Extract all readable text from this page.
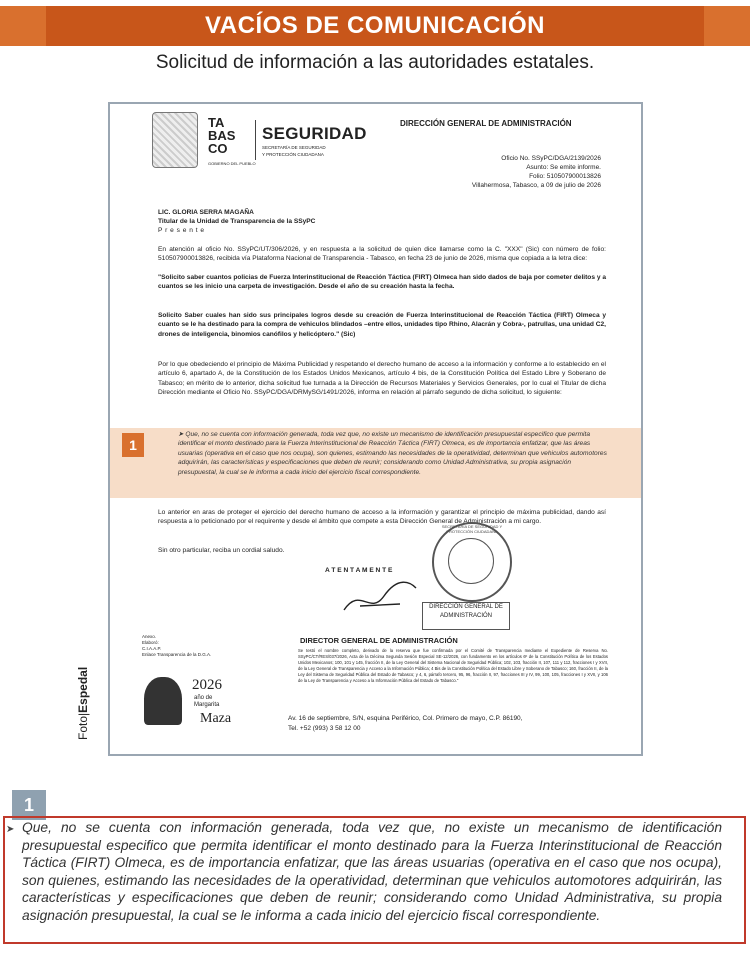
VACÍOS DE COMUNICACIÓN
Solicitud de información a las autoridades estatales.
TA
BAS
CO
GOBIERNO DEL PUEBLO
SEGURIDAD
SECRETARÍA DE SEGURIDAD
Y PROTECCIÓN CIUDADANA
DIRECCIÓN GENERAL DE ADMINISTRACIÓN
Oficio No. SSyPC/DGA/2139/2026
Asunto: Se emite informe.
Folio: 510507900013826
Villahermosa, Tabasco, a 09 de julio de 2026
LIC. GLORIA SERRA MAGAÑA
Titular de la Unidad de Transparencia de la SSyPC
P r e s e n t e
En atención al oficio No. SSyPC/UT/306/2026, y en respuesta a la solicitud de quien dice llamarse como la C. "XXX" (Sic) con número de folio: 510507900013826, recibida vía Plataforma Nacional de Transparencia - Tabasco, en fecha 23 de junio de 2026, misma que copiada a la letra dice:
"Solicito saber cuantos policias de Fuerza Interinstitucional de Reacción Táctica (FIRT) Olmeca han sido dados de baja por cometer delitos y a cuantos se les inicio una carpeta de investigación. Desde el año de su creación hasta la fecha.
Solicito Saber cuales han sido sus principales logros desde su creación de Fuerza Interinstitucional de Reacción Táctica (FIRT) Olmeca y cuanto se le ha destinado para la compra de vehiculos blindados –entre ellos, unidades tipo Rhino, Alacrán y Cobra-, patrullas, una unidad C2, drones de inteligencia, binomios canófilos y helicóptero." (Sic)
Por lo que obedeciendo el principio de Máxima Publicidad y respetando el derecho humano de acceso a la información y conforme a lo establecido en el artículo 6, apartado A, de la Constitución de los Estados Unidos Mexicanos, artículo 4 bis, de la Constitución Política del Estado Libre y Soberano de Tabasco; en mérito de lo anterior, dicha solicitud fue turnada a la Dirección de Recursos Materiales y Servicios Generales, por lo cual el Titular de dicha Dirección mediante el Oficio No. SSyPC/DGA/DRMySG/1491/2026, informa en relación al párrafo segundo de dicha solicitud, lo siguiente:
➤ Que, no se cuenta con información generada, toda vez que, no existe un mecanismo de identificación presupuestal especifico que permita identificar el monto destinado para la Fuerza Interinstitucional de Reacción Táctica (FIRT) Olmeca, es de importancia enfatizar, que las áreas usuarias (operativa en el caso que nos ocupa), son quienes, estimando las necesidades de la operatividad, determinan que vehiculos automotores adquirirán, las características y especificaciones que deben de reunir; considerando como Unidad Administrativa, su propia asignación presupuestal, la cual se le informa a cada inicio del ejercicio fiscal correspondiente.
1
Lo anterior en aras de proteger el ejercicio del derecho humano de acceso a la información y garantizar el principio de máxima publicidad, dando así respuesta a lo peticionado por el requirente y desde el ámbito que compete a esta Dirección General de Administración a mi cargo.
Sin otro particular, reciba un cordial saludo.
A T E N T A M E N T E
SECRETARÍA DE SEGURIDAD Y PROTECCIÓN CIUDADANA
DIRECCIÓN GENERAL DE
ADMINISTRACIÓN
DIRECTOR GENERAL DE ADMINISTRACIÓN
Se testó el nombre completo, derivado de la reserva que fue confirmada por el Comité de Transparencia mediante el Expediente de Reserva No. SSyPC/CT/RES/037/2026, Acta de la Décima Segunda Sesión Especial SE-12/2026, con fundamento en los artículos 6º de la Constitución Política de los Estados Unidos Mexicanos; 100, 101 y 145, fracción II, de la Ley General del Sistema Nacional de Seguridad Pública; 102, 103, fracción II, 107, 111 y 112, fracciones I y XVII, de la Ley General de Transparencia y Acceso a la Información Pública; 4 Bis de la Constitución Política del Estado Libre y Soberano de Tabasco; 160, fracción II, de la Ley del Sistema de Seguridad Pública del Estado de Tabasco; y 4, 6, párrafo tercero, 95, 96, fracción II, 97, fracciones III y IV, 99, 100, 105, fracciones I y XVII, y 106 de la Ley de Transparencia y Acceso a la Información Pública del Estado de Tabasco."
Anexo.
Elaboró:
C.I.A.A.P.
Enlace Transparencia de la D.G.A.
2026
año de
Margarita
Maza	Av. 16 de septiembre, S/N, esquina Periférico, Col. Primero de mayo, C.P. 86190,
Tel. +52 (993) 3 58 12 00
Foto|Espedal
1
➤ Que, no se cuenta con información generada, toda vez que, no existe un mecanismo de identificación presupuestal especifico que permita identificar el monto destinado para la Fuerza Interinstitucional de Reacción Táctica (FIRT) Olmeca, es de importancia enfatizar, que las áreas usuarias (operativa en el caso que nos ocupa), son quienes, estimando las necesidades de la operatividad, determinan que vehiculos automotores adquirirán, las características y especificaciones que deben de reunir; considerando como Unidad Administrativa, su propia asignación presupuestal, la cual se le informa a cada inicio del ejercicio fiscal correspondiente.
